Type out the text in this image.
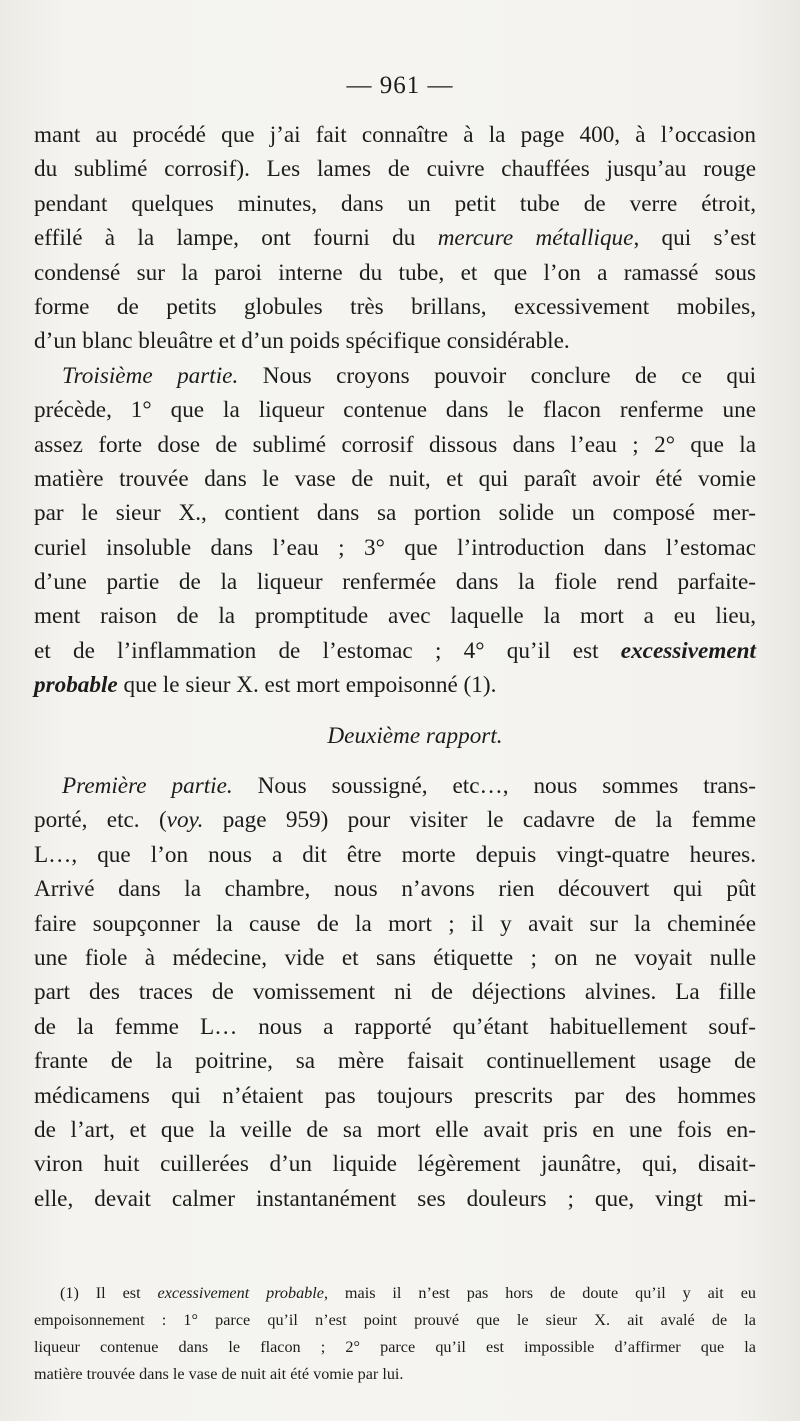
— 961 —
mant au procédé que j’ai fait connaître à la page 400, à l’occasion
du sublimé corrosif). Les lames de cuivre chauffées jusqu’au rouge
pendant quelques minutes, dans un petit tube de verre étroit,
effilé à la lampe, ont fourni du mercure métallique, qui s’est
condensé sur la paroi interne du tube, et que l’on a ramassé sous
forme de petits globules très brillans, excessivement mobiles,
d’un blanc bleuâtre et d’un poids spécifique considérable.
Troisième partie. Nous croyons pouvoir conclure de ce qui
précède, 1° que la liqueur contenue dans le flacon renferme une
assez forte dose de sublimé corrosif dissous dans l’eau ; 2° que la
matière trouvée dans le vase de nuit, et qui paraît avoir été vomie
par le sieur X., contient dans sa portion solide un composé mer-
curiel insoluble dans l’eau ; 3° que l’introduction dans l’estomac
d’une partie de la liqueur renfermée dans la fiole rend parfaite-
ment raison de la promptitude avec laquelle la mort a eu lieu,
et de l’inflammation de l’estomac ; 4° qu’il est excessivement
probable que le sieur X. est mort empoisonné (1).
Deuxième rapport.
Première partie. Nous soussigné, etc…, nous sommes trans-
porté, etc. (voy. page 959) pour visiter le cadavre de la femme
L…, que l’on nous a dit être morte depuis vingt-quatre heures.
Arrivé dans la chambre, nous n’avons rien découvert qui pût
faire soupçonner la cause de la mort ; il y avait sur la cheminée
une fiole à médecine, vide et sans étiquette ; on ne voyait nulle
part des traces de vomissement ni de déjections alvines. La fille
de la femme L… nous a rapporté qu’étant habituellement souf-
frante de la poitrine, sa mère faisait continuellement usage de
médicamens qui n’étaient pas toujours prescrits par des hommes
de l’art, et que la veille de sa mort elle avait pris en une fois en-
viron huit cuillerées d’un liquide légèrement jaunâtre, qui, disait-
elle, devait calmer instantanément ses douleurs ; que, vingt mi-
(1) Il est excessivement probable, mais il n’est pas hors de doute qu’il y ait eu
empoisonnement : 1° parce qu’il n’est point prouvé que le sieur X. ait avalé de la
liqueur contenue dans le flacon ; 2° parce qu’il est impossible d’affirmer que la
matière trouvée dans le vase de nuit ait été vomie par lui.
